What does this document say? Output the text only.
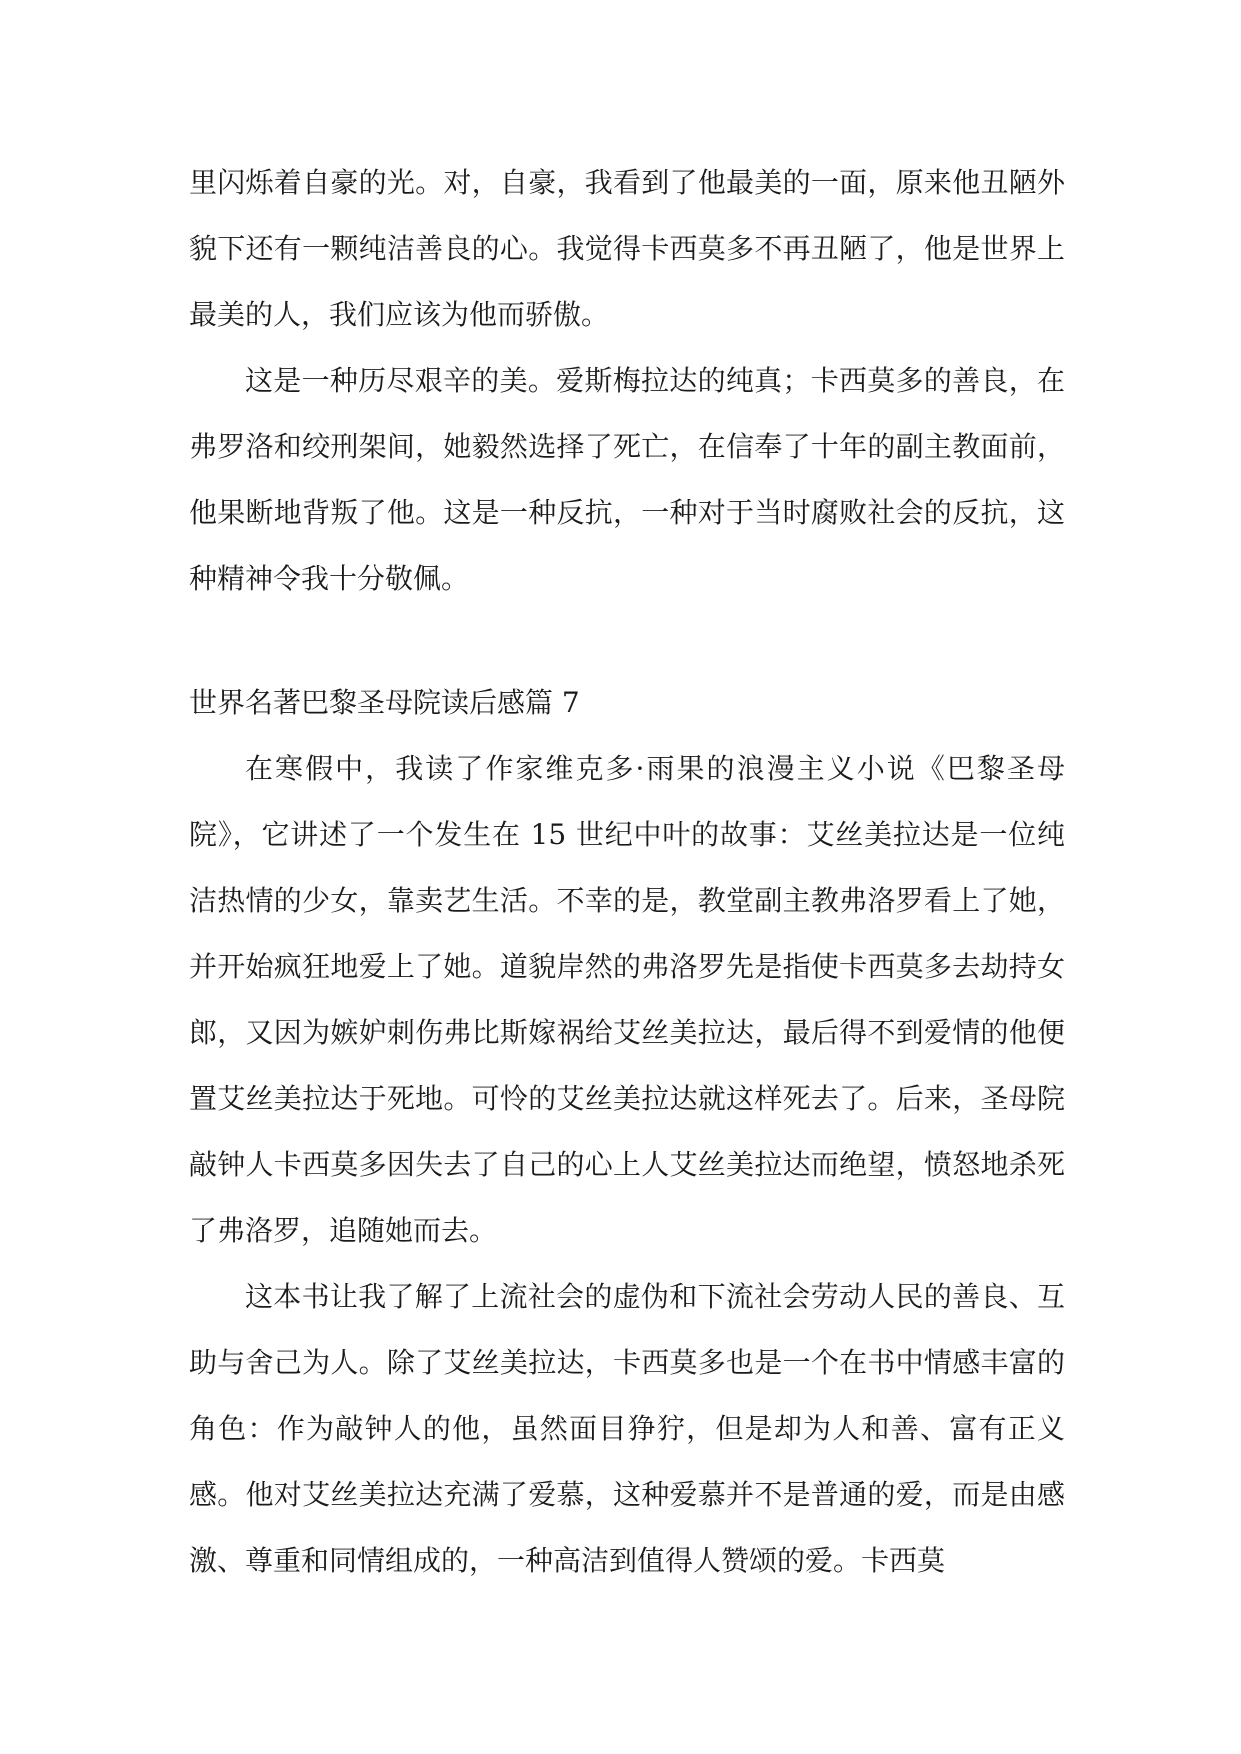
里闪烁着自豪的光。对，自豪，我看到了他最美的一面，原来他丑陋外貌下还有一颗纯洁善良的心。我觉得卡西莫多不再丑陋了，他是世界上最美的人，我们应该为他而骄傲。

这是一种历尽艰辛的美。爱斯梅拉达的纯真；卡西莫多的善良，在弗罗洛和绞刑架间，她毅然选择了死亡，在信奉了十年的副主教面前，他果断地背叛了他。这是一种反抗，一种对于当时腐败社会的反抗，这种精神令我十分敬佩。

世界名著巴黎圣母院读后感篇 7

在寒假中，我读了作家维克多·雨果的浪漫主义小说《巴黎圣母院》，它讲述了一个发生在 15 世纪中叶的故事：艾丝美拉达是一位纯洁热情的少女，靠卖艺生活。不幸的是，教堂副主教弗洛罗看上了她，并开始疯狂地爱上了她。道貌岸然的弗洛罗先是指使卡西莫多去劫持女郎，又因为嫉妒刺伤弗比斯嫁祸给艾丝美拉达，最后得不到爱情的他便置艾丝美拉达于死地。可怜的艾丝美拉达就这样死去了。后来，圣母院敲钟人卡西莫多因失去了自己的心上人艾丝美拉达而绝望，愤怒地杀死了弗洛罗，追随她而去。

这本书让我了解了上流社会的虚伪和下流社会劳动人民的善良、互助与舍己为人。除了艾丝美拉达，卡西莫多也是一个在书中情感丰富的角色：作为敲钟人的他，虽然面目狰狞，但是却为人和善、富有正义感。他对艾丝美拉达充满了爱慕，这种爱慕并不是普通的爱，而是由感激、尊重和同情组成的，一种高洁到值得人赞颂的爱。卡西莫
